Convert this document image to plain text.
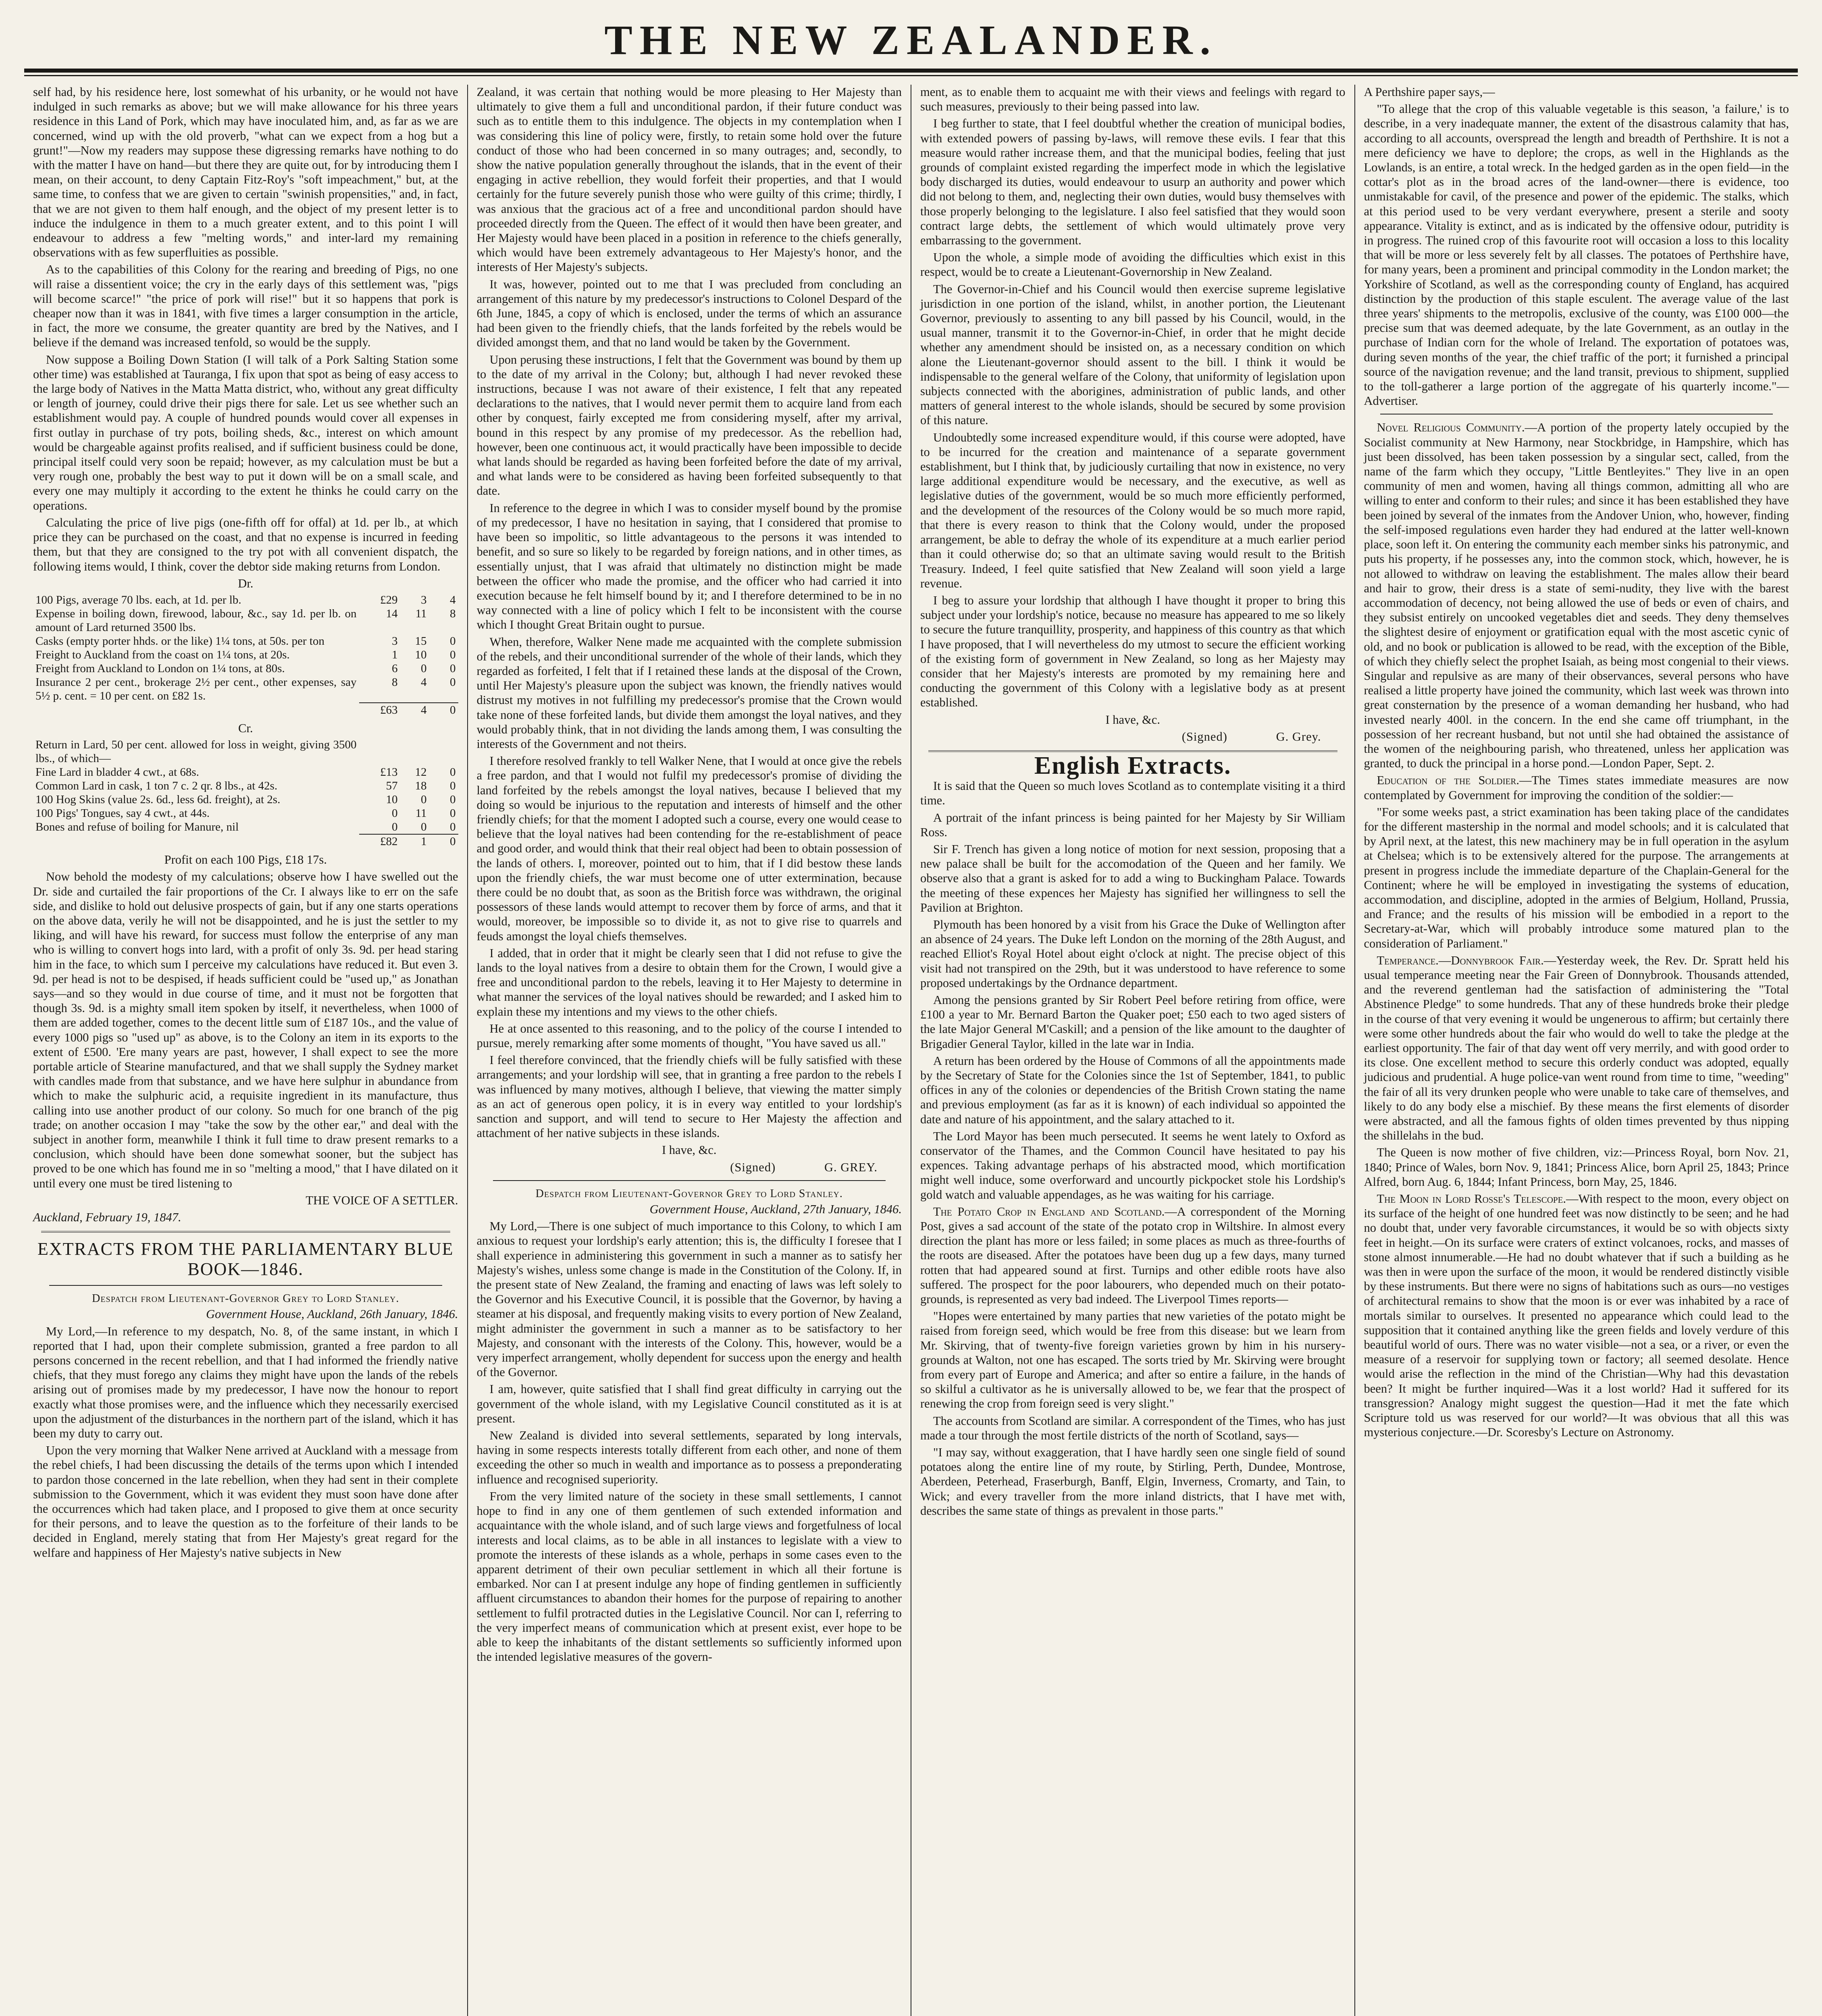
THE NEW ZEALANDER.

self had, by his residence here, lost somewhat of his urbanity, or he would not have indulged in such remarks as above; but we will make allowance for his three years residence in this Land of Pork, which may have inoculated him, and, as far as we are concerned, wind up with the old proverb, "what can we expect from a hog but a grunt!"—Now my readers may suppose these digressing remarks have nothing to do with the matter I have on hand—but there they are quite out, for by introducing them I mean, on their account, to deny Captain Fitz-Roy's "soft impeachment," but, at the same time, to confess that we are given to certain "swinish propensities," and, in fact, that we are not given to them half enough, and the object of my present letter is to induce the indulgence in them to a much greater extent, and to this point I will endeavour to address a few "melting words," and inter-lard my remaining observations with as few superfluities as possible.

As to the capabilities of this Colony for the rearing and breeding of Pigs, no one will raise a dissentient voice; the cry in the early days of this settlement was, "pigs will become scarce!" "the price of pork will rise!" but it so happens that pork is cheaper now than it was in 1841, with five times a larger consumption in the article, in fact, the more we consume, the greater quantity are bred by the Natives, and I believe if the demand was increased tenfold, so would be the supply.

Now suppose a Boiling Down Station (I will talk of a Pork Salting Station some other time) was established at Tauranga, I fix upon that spot as being of easy access to the large body of Natives in the Matta Matta district, who, without any great difficulty or length of journey, could drive their pigs there for sale. Let us see whether such an establishment would pay. A couple of hundred pounds would cover all expenses in first outlay in purchase of try pots, boiling sheds, &c., interest on which amount would be chargeable against profits realised, and if sufficient business could be done, principal itself could very soon be repaid; however, as my calculation must be but a very rough one, probably the best way to put it down will be on a small scale, and every one may multiply it according to the extent he thinks he could carry on the operations.

Calculating the price of live pigs (one-fifth off for offal) at 1d. per lb., at which price they can be purchased on the coast, and that no expense is incurred in feeding them, but that they are consigned to the try pot with all convenient dispatch, the following items would, I think, cover the debtor side making returns from London.

Dr.

100 Pigs, average 70 lbs. each, at 1d. per lb.	£29	3	4
Expense in boiling down, firewood, labour, &c., say 1d. per lb. on amount of Lard returned 3500 lbs.	14	11	8
Casks (empty porter hhds. or the like) 1¼ tons, at 50s. per ton	3	15	0
Freight to Auckland from the coast on 1¼ tons, at 20s.	1	10	0
Freight from Auckland to London on 1¼ tons, at 80s.	6	0	0
Insurance 2 per cent., brokerage 2½ per cent., other expenses, say 5½ p. cent. = 10 per cent. on £82 1s.	8	4	0
	£63	4	0

Cr.

Return in Lard, 50 per cent. allowed for loss in weight, giving 3500 lbs., of which—			
Fine Lard in bladder 4 cwt., at 68s.	£13	12	0
Common Lard in cask, 1 ton 7 c. 2 qr. 8 lbs., at 42s.	57	18	0
100 Hog Skins (value 2s. 6d., less 6d. freight), at 2s.	10	0	0
100 Pigs' Tongues, say 4 cwt., at 44s.	0	11	0
Bones and refuse of boiling for Manure, nil	0	0	0
	£82	1	0

Profit on each 100 Pigs, £18 17s.

Now behold the modesty of my calculations; observe how I have swelled out the Dr. side and curtailed the fair proportions of the Cr. I always like to err on the safe side, and dislike to hold out delusive prospects of gain, but if any one starts operations on the above data, verily he will not be disappointed, and he is just the settler to my liking, and will have his reward, for success must follow the enterprise of any man who is willing to convert hogs into lard, with a profit of only 3s. 9d. per head staring him in the face, to which sum I perceive my calculations have reduced it. But even 3. 9d. per head is not to be despised, if heads sufficient could be "used up," as Jonathan says—and so they would in due course of time, and it must not be forgotten that though 3s. 9d. is a mighty small item spoken by itself, it nevertheless, when 1000 of them are added together, comes to the decent little sum of £187 10s., and the value of every 1000 pigs so "used up" as above, is to the Colony an item in its exports to the extent of £500. 'Ere many years are past, however, I shall expect to see the more portable article of Stearine manufactured, and that we shall supply the Sydney market with candles made from that substance, and we have here sulphur in abundance from which to make the sulphuric acid, a requisite ingredient in its manufacture, thus calling into use another product of our colony. So much for one branch of the pig trade; on another occasion I may "take the sow by the other ear," and deal with the subject in another form, meanwhile I think it full time to draw present remarks to a conclusion, which should have been done somewhat sooner, but the subject has proved to be one which has found me in so "melting a mood," that I have dilated on it until every one must be tired listening to

THE VOICE OF A SETTLER.

Auckland, February 19, 1847.

EXTRACTS FROM THE PARLIAMENTARY BLUE BOOK—1846.

Despatch from Lieutenant-Governor Grey to Lord Stanley.

Government House, Auckland, 26th January, 1846.

My Lord,—In reference to my despatch, No. 8, of the same instant, in which I reported that I had, upon their complete submission, granted a free pardon to all persons concerned in the recent rebellion, and that I had informed the friendly native chiefs, that they must forego any claims they might have upon the lands of the rebels arising out of promises made by my predecessor, I have now the honour to report exactly what those promises were, and the influence which they necessarily exercised upon the adjustment of the disturbances in the northern part of the island, which it has been my duty to carry out.

Upon the very morning that Walker Nene arrived at Auckland with a message from the rebel chiefs, I had been discussing the details of the terms upon which I intended to pardon those concerned in the late rebellion, when they had sent in their complete submission to the Government, which it was evident they must soon have done after the occurrences which had taken place, and I proposed to give them at once security for their persons, and to leave the question as to the forfeiture of their lands to be decided in England, merely stating that from Her Majesty's great regard for the welfare and happiness of Her Majesty's native subjects in New

Zealand, it was certain that nothing would be more pleasing to Her Majesty than ultimately to give them a full and unconditional pardon, if their future conduct was such as to entitle them to this indulgence. The objects in my contemplation when I was considering this line of policy were, firstly, to retain some hold over the future conduct of those who had been concerned in so many outrages; and, secondly, to show the native population generally throughout the islands, that in the event of their engaging in active rebellion, they would forfeit their properties, and that I would certainly for the future severely punish those who were guilty of this crime; thirdly, I was anxious that the gracious act of a free and unconditional pardon should have proceeded directly from the Queen. The effect of it would then have been greater, and Her Majesty would have been placed in a position in reference to the chiefs generally, which would have been extremely advantageous to Her Majesty's honor, and the interests of Her Majesty's subjects.

It was, however, pointed out to me that I was precluded from concluding an arrangement of this nature by my predecessor's instructions to Colonel Despard of the 6th June, 1845, a copy of which is enclosed, under the terms of which an assurance had been given to the friendly chiefs, that the lands forfeited by the rebels would be divided amongst them, and that no land would be taken by the Government.

Upon perusing these instructions, I felt that the Government was bound by them up to the date of my arrival in the Colony; but, although I had never revoked these instructions, because I was not aware of their existence, I felt that any repeated declarations to the natives, that I would never permit them to acquire land from each other by conquest, fairly excepted me from considering myself, after my arrival, bound in this respect by any promise of my predecessor. As the rebellion had, however, been one continuous act, it would practically have been impossible to decide what lands should be regarded as having been forfeited before the date of my arrival, and what lands were to be considered as having been forfeited subsequently to that date.

In reference to the degree in which I was to consider myself bound by the promise of my predecessor, I have no hesitation in saying, that I considered that promise to have been so impolitic, so little advantageous to the persons it was intended to benefit, and so sure so likely to be regarded by foreign nations, and in other times, as essentially unjust, that I was afraid that ultimately no distinction might be made between the officer who made the promise, and the officer who had carried it into execution because he felt himself bound by it; and I therefore determined to be in no way connected with a line of policy which I felt to be inconsistent with the course which I thought Great Britain ought to pursue.

When, therefore, Walker Nene made me acquainted with the complete submission of the rebels, and their unconditional surrender of the whole of their lands, which they regarded as forfeited, I felt that if I retained these lands at the disposal of the Crown, until Her Majesty's pleasure upon the subject was known, the friendly natives would distrust my motives in not fulfilling my predecessor's promise that the Crown would take none of these forfeited lands, but divide them amongst the loyal natives, and they would probably think, that in not dividing the lands among them, I was consulting the interests of the Government and not theirs.

I therefore resolved frankly to tell Walker Nene, that I would at once give the rebels a free pardon, and that I would not fulfil my predecessor's promise of dividing the land forfeited by the rebels amongst the loyal natives, because I believed that my doing so would be injurious to the reputation and interests of himself and the other friendly chiefs; for that the moment I adopted such a course, every one would cease to believe that the loyal natives had been contending for the re-establishment of peace and good order, and would think that their real object had been to obtain possession of the lands of others. I, moreover, pointed out to him, that if I did bestow these lands upon the friendly chiefs, the war must become one of utter extermination, because there could be no doubt that, as soon as the British force was withdrawn, the original possessors of these lands would attempt to recover them by force of arms, and that it would, moreover, be impossible so to divide it, as not to give rise to quarrels and feuds amongst the loyal chiefs themselves.

I added, that in order that it might be clearly seen that I did not refuse to give the lands to the loyal natives from a desire to obtain them for the Crown, I would give a free and unconditional pardon to the rebels, leaving it to Her Majesty to determine in what manner the services of the loyal natives should be rewarded; and I asked him to explain these my intentions and my views to the other chiefs.

He at once assented to this reasoning, and to the policy of the course I intended to pursue, merely remarking after some moments of thought, "You have saved us all."

I feel therefore convinced, that the friendly chiefs will be fully satisfied with these arrangements; and your lordship will see, that in granting a free pardon to the rebels I was influenced by many motives, although I believe, that viewing the matter simply as an act of generous open policy, it is in every way entitled to your lordship's sanction and support, and will tend to secure to Her Majesty the affection and attachment of her native subjects in these islands.

I have, &c.

(Signed)	G. GREY.

Despatch from Lieutenant-Governor Grey to Lord Stanley.

Government House, Auckland, 27th January, 1846.

My Lord,—There is one subject of much importance to this Colony, to which I am anxious to request your lordship's early attention; this is, the difficulty I foresee that I shall experience in administering this government in such a manner as to satisfy her Majesty's wishes, unless some change is made in the Constitution of the Colony. If, in the present state of New Zealand, the framing and enacting of laws was left solely to the Governor and his Executive Council, it is possible that the Governor, by having a steamer at his disposal, and frequently making visits to every portion of New Zealand, might administer the government in such a manner as to be satisfactory to her Majesty, and consonant with the interests of the Colony. This, however, would be a very imperfect arrangement, wholly dependent for success upon the energy and health of the Governor.

I am, however, quite satisfied that I shall find great difficulty in carrying out the government of the whole island, with my Legislative Council constituted as it is at present.

New Zealand is divided into several settlements, separated by long intervals, having in some respects interests totally different from each other, and none of them exceeding the other so much in wealth and importance as to possess a preponderating influence and recognised superiority.

From the very limited nature of the society in these small settlements, I cannot hope to find in any one of them gentlemen of such extended information and acquaintance with the whole island, and of such large views and forgetfulness of local interests and local claims, as to be able in all instances to legislate with a view to promote the interests of these islands as a whole, perhaps in some cases even to the apparent detriment of their own peculiar settlement in which all their fortune is embarked. Nor can I at present indulge any hope of finding gentlemen in sufficiently affluent circumstances to abandon their homes for the purpose of repairing to another settlement to fulfil protracted duties in the Legislative Council. Nor can I, referring to the very imperfect means of communication which at present exist, ever hope to be able to keep the inhabitants of the distant settlements so sufficiently informed upon the intended legislative measures of the govern-

ment, as to enable them to acquaint me with their views and feelings with regard to such measures, previously to their being passed into law.

I beg further to state, that I feel doubtful whether the creation of municipal bodies, with extended powers of passing by-laws, will remove these evils. I fear that this measure would rather increase them, and that the municipal bodies, feeling that just grounds of complaint existed regarding the imperfect mode in which the legislative body discharged its duties, would endeavour to usurp an authority and power which did not belong to them, and, neglecting their own duties, would busy themselves with those properly belonging to the legislature. I also feel satisfied that they would soon contract large debts, the settlement of which would ultimately prove very embarrassing to the government.

Upon the whole, a simple mode of avoiding the difficulties which exist in this respect, would be to create a Lieutenant-Governorship in New Zealand.

The Governor-in-Chief and his Council would then exercise supreme legislative jurisdiction in one portion of the island, whilst, in another portion, the Lieutenant Governor, previously to assenting to any bill passed by his Council, would, in the usual manner, transmit it to the Governor-in-Chief, in order that he might decide whether any amendment should be insisted on, as a necessary condition on which alone the Lieutenant-governor should assent to the bill. I think it would be indispensable to the general welfare of the Colony, that uniformity of legislation upon subjects connected with the aborigines, administration of public lands, and other matters of general interest to the whole islands, should be secured by some provision of this nature.

Undoubtedly some increased expenditure would, if this course were adopted, have to be incurred for the creation and maintenance of a separate government establishment, but I think that, by judiciously curtailing that now in existence, no very large additional expenditure would be necessary, and the executive, as well as legislative duties of the government, would be so much more efficiently performed, and the development of the resources of the Colony would be so much more rapid, that there is every reason to think that the Colony would, under the proposed arrangement, be able to defray the whole of its expenditure at a much earlier period than it could otherwise do; so that an ultimate saving would result to the British Treasury. Indeed, I feel quite satisfied that New Zealand will soon yield a large revenue.

I beg to assure your lordship that although I have thought it proper to bring this subject under your lordship's notice, because no measure has appeared to me so likely to secure the future tranquillity, prosperity, and happiness of this country as that which I have proposed, that I will nevertheless do my utmost to secure the efficient working of the existing form of government in New Zealand, so long as her Majesty may consider that her Majesty's interests are promoted by my remaining here and conducting the government of this Colony with a legislative body as at present established.

I have, &c.

(Signed)	G. Grey.

English Extracts.

It is said that the Queen so much loves Scotland as to contemplate visiting it a third time.

A portrait of the infant princess is being painted for her Majesty by Sir William Ross.

Sir F. Trench has given a long notice of motion for next session, proposing that a new palace shall be built for the accomodation of the Queen and her family. We observe also that a grant is asked for to add a wing to Buckingham Palace. Towards the meeting of these expences her Majesty has signified her willingness to sell the Pavilion at Brighton.

Plymouth has been honored by a visit from his Grace the Duke of Wellington after an absence of 24 years. The Duke left London on the morning of the 28th August, and reached Elliot's Royal Hotel about eight o'clock at night. The precise object of this visit had not transpired on the 29th, but it was understood to have reference to some proposed undertakings by the Ordnance department.

Among the pensions granted by Sir Robert Peel before retiring from office, were £100 a year to Mr. Bernard Barton the Quaker poet; £50 each to two aged sisters of the late Major General M'Caskill; and a pension of the like amount to the daughter of Brigadier General Taylor, killed in the late war in India.

A return has been ordered by the House of Commons of all the appointments made by the Secretary of State for the Colonies since the 1st of September, 1841, to public offices in any of the colonies or dependencies of the British Crown stating the name and previous employment (as far as it is known) of each individual so appointed the date and nature of his appointment, and the salary attached to it.

The Lord Mayor has been much persecuted. It seems he went lately to Oxford as conservator of the Thames, and the Common Council have hesitated to pay his expences. Taking advantage perhaps of his abstracted mood, which mortification might well induce, some overforward and uncourtly pickpocket stole his Lordship's gold watch and valuable appendages, as he was waiting for his carriage.

The Potato Crop in England and Scotland.—A correspondent of the Morning Post, gives a sad account of the state of the potato crop in Wiltshire. In almost every direction the plant has more or less failed; in some places as much as three-fourths of the roots are diseased. After the potatoes have been dug up a few days, many turned rotten that had appeared sound at first. Turnips and other edible roots have also suffered. The prospect for the poor labourers, who depended much on their potato-grounds, is represented as very bad indeed. The Liverpool Times reports—

"Hopes were entertained by many parties that new varieties of the potato might be raised from foreign seed, which would be free from this disease: but we learn from Mr. Skirving, that of twenty-five foreign varieties grown by him in his nursery-grounds at Walton, not one has escaped. The sorts tried by Mr. Skirving were brought from every part of Europe and America; and after so entire a failure, in the hands of so skilful a cultivator as he is universally allowed to be, we fear that the prospect of renewing the crop from foreign seed is very slight."

The accounts from Scotland are similar. A correspondent of the Times, who has just made a tour through the most fertile districts of the north of Scotland, says—

"I may say, without exaggeration, that I have hardly seen one single field of sound potatoes along the entire line of my route, by Stirling, Perth, Dundee, Montrose, Aberdeen, Peterhead, Fraserburgh, Banff, Elgin, Inverness, Cromarty, and Tain, to Wick; and every traveller from the more inland districts, that I have met with, describes the same state of things as prevalent in those parts."

A Perthshire paper says,—

"To allege that the crop of this valuable vegetable is this season, 'a failure,' is to describe, in a very inadequate manner, the extent of the disastrous calamity that has, according to all accounts, overspread the length and breadth of Perthshire. It is not a mere deficiency we have to deplore; the crops, as well in the Highlands as the Lowlands, is an entire, a total wreck. In the hedged garden as in the open field—in the cottar's plot as in the broad acres of the land-owner—there is evidence, too unmistakable for cavil, of the presence and power of the epidemic. The stalks, which at this period used to be very verdant everywhere, present a sterile and sooty appearance. Vitality is extinct, and as is indicated by the offensive odour, putridity is in progress. The ruined crop of this favourite root will occasion a loss to this locality that will be more or less severely felt by all classes. The potatoes of Perthshire have, for many years, been a prominent and principal commodity in the London market; the Yorkshire of Scotland, as well as the corresponding county of England, has acquired distinction by the production of this staple esculent. The average value of the last three years' shipments to the metropolis, exclusive of the county, was £100 000—the precise sum that was deemed adequate, by the late Government, as an outlay in the purchase of Indian corn for the whole of Ireland. The exportation of potatoes was, during seven months of the year, the chief traffic of the port; it furnished a principal source of the navigation revenue; and the land transit, previous to shipment, supplied to the toll-gatherer a large portion of the aggregate of his quarterly income."—Advertiser.

Novel Religious Community.—A portion of the property lately occupied by the Socialist community at New Harmony, near Stockbridge, in Hampshire, which has just been dissolved, has been taken possession by a singular sect, called, from the name of the farm which they occupy, "Little Bentleyites." They live in an open community of men and women, having all things common, admitting all who are willing to enter and conform to their rules; and since it has been established they have been joined by several of the inmates from the Andover Union, who, however, finding the self-imposed regulations even harder they had endured at the latter well-known place, soon left it. On entering the community each member sinks his patronymic, and puts his property, if he possesses any, into the common stock, which, however, he is not allowed to withdraw on leaving the establishment. The males allow their beard and hair to grow, their dress is a state of semi-nudity, they live with the barest accommodation of decency, not being allowed the use of beds or even of chairs, and they subsist entirely on uncooked vegetables diet and seeds. They deny themselves the slightest desire of enjoyment or gratification equal with the most ascetic cynic of old, and no book or publication is allowed to be read, with the exception of the Bible, of which they chiefly select the prophet Isaiah, as being most congenial to their views. Singular and repulsive as are many of their observances, several persons who have realised a little property have joined the community, which last week was thrown into great consternation by the presence of a woman demanding her husband, who had invested nearly 400l. in the concern. In the end she came off triumphant, in the possession of her recreant husband, but not until she had obtained the assistance of the women of the neighbouring parish, who threatened, unless her application was granted, to duck the principal in a horse pond.—London Paper, Sept. 2.

Education of the Soldier.—The Times states immediate measures are now contemplated by Government for improving the condition of the soldier:—

"For some weeks past, a strict examination has been taking place of the candidates for the different mastership in the normal and model schools; and it is calculated that by April next, at the latest, this new machinery may be in full operation in the asylum at Chelsea; which is to be extensively altered for the purpose. The arrangements at present in progress include the immediate departure of the Chaplain-General for the Continent; where he will be employed in investigating the systems of education, accommodation, and discipline, adopted in the armies of Belgium, Holland, Prussia, and France; and the results of his mission will be embodied in a report to the Secretary-at-War, which will probably introduce some matured plan to the consideration of Parliament."

Temperance.—Donnybrook Fair.—Yesterday week, the Rev. Dr. Spratt held his usual temperance meeting near the Fair Green of Donnybrook. Thousands attended, and the reverend gentleman had the satisfaction of administering the "Total Abstinence Pledge" to some hundreds. That any of these hundreds broke their pledge in the course of that very evening it would be ungenerous to affirm; but certainly there were some other hundreds about the fair who would do well to take the pledge at the earliest opportunity. The fair of that day went off very merrily, and with good order to its close. One excellent method to secure this orderly conduct was adopted, equally judicious and prudential. A huge police-van went round from time to time, "weeding" the fair of all its very drunken people who were unable to take care of themselves, and likely to do any body else a mischief. By these means the first elements of disorder were abstracted, and all the famous fights of olden times prevented by thus nipping the shillelahs in the bud.

The Queen is now mother of five children, viz:—Princess Royal, born Nov. 21, 1840; Prince of Wales, born Nov. 9, 1841; Princess Alice, born April 25, 1843; Prince Alfred, born Aug. 6, 1844; Infant Princess, born May, 25, 1846.

The Moon in Lord Rosse's Telescope.—With respect to the moon, every object on its surface of the height of one hundred feet was now distinctly to be seen; and he had no doubt that, under very favorable circumstances, it would be so with objects sixty feet in height.—On its surface were craters of extinct volcanoes, rocks, and masses of stone almost innumerable.—He had no doubt whatever that if such a building as he was then in were upon the surface of the moon, it would be rendered distinctly visible by these instruments. But there were no signs of habitations such as ours—no vestiges of architectural remains to show that the moon is or ever was inhabited by a race of mortals similar to ourselves. It presented no appearance which could lead to the supposition that it contained anything like the green fields and lovely verdure of this beautiful world of ours. There was no water visible—not a sea, or a river, or even the measure of a reservoir for supplying town or factory; all seemed desolate. Hence would arise the reflection in the mind of the Christian—Why had this devastation been? It might be further inquired—Was it a lost world? Had it suffered for its transgression? Analogy might suggest the question—Had it met the fate which Scripture told us was reserved for our world?—It was obvious that all this was mysterious conjecture.—Dr. Scoresby's Lecture on Astronomy.
